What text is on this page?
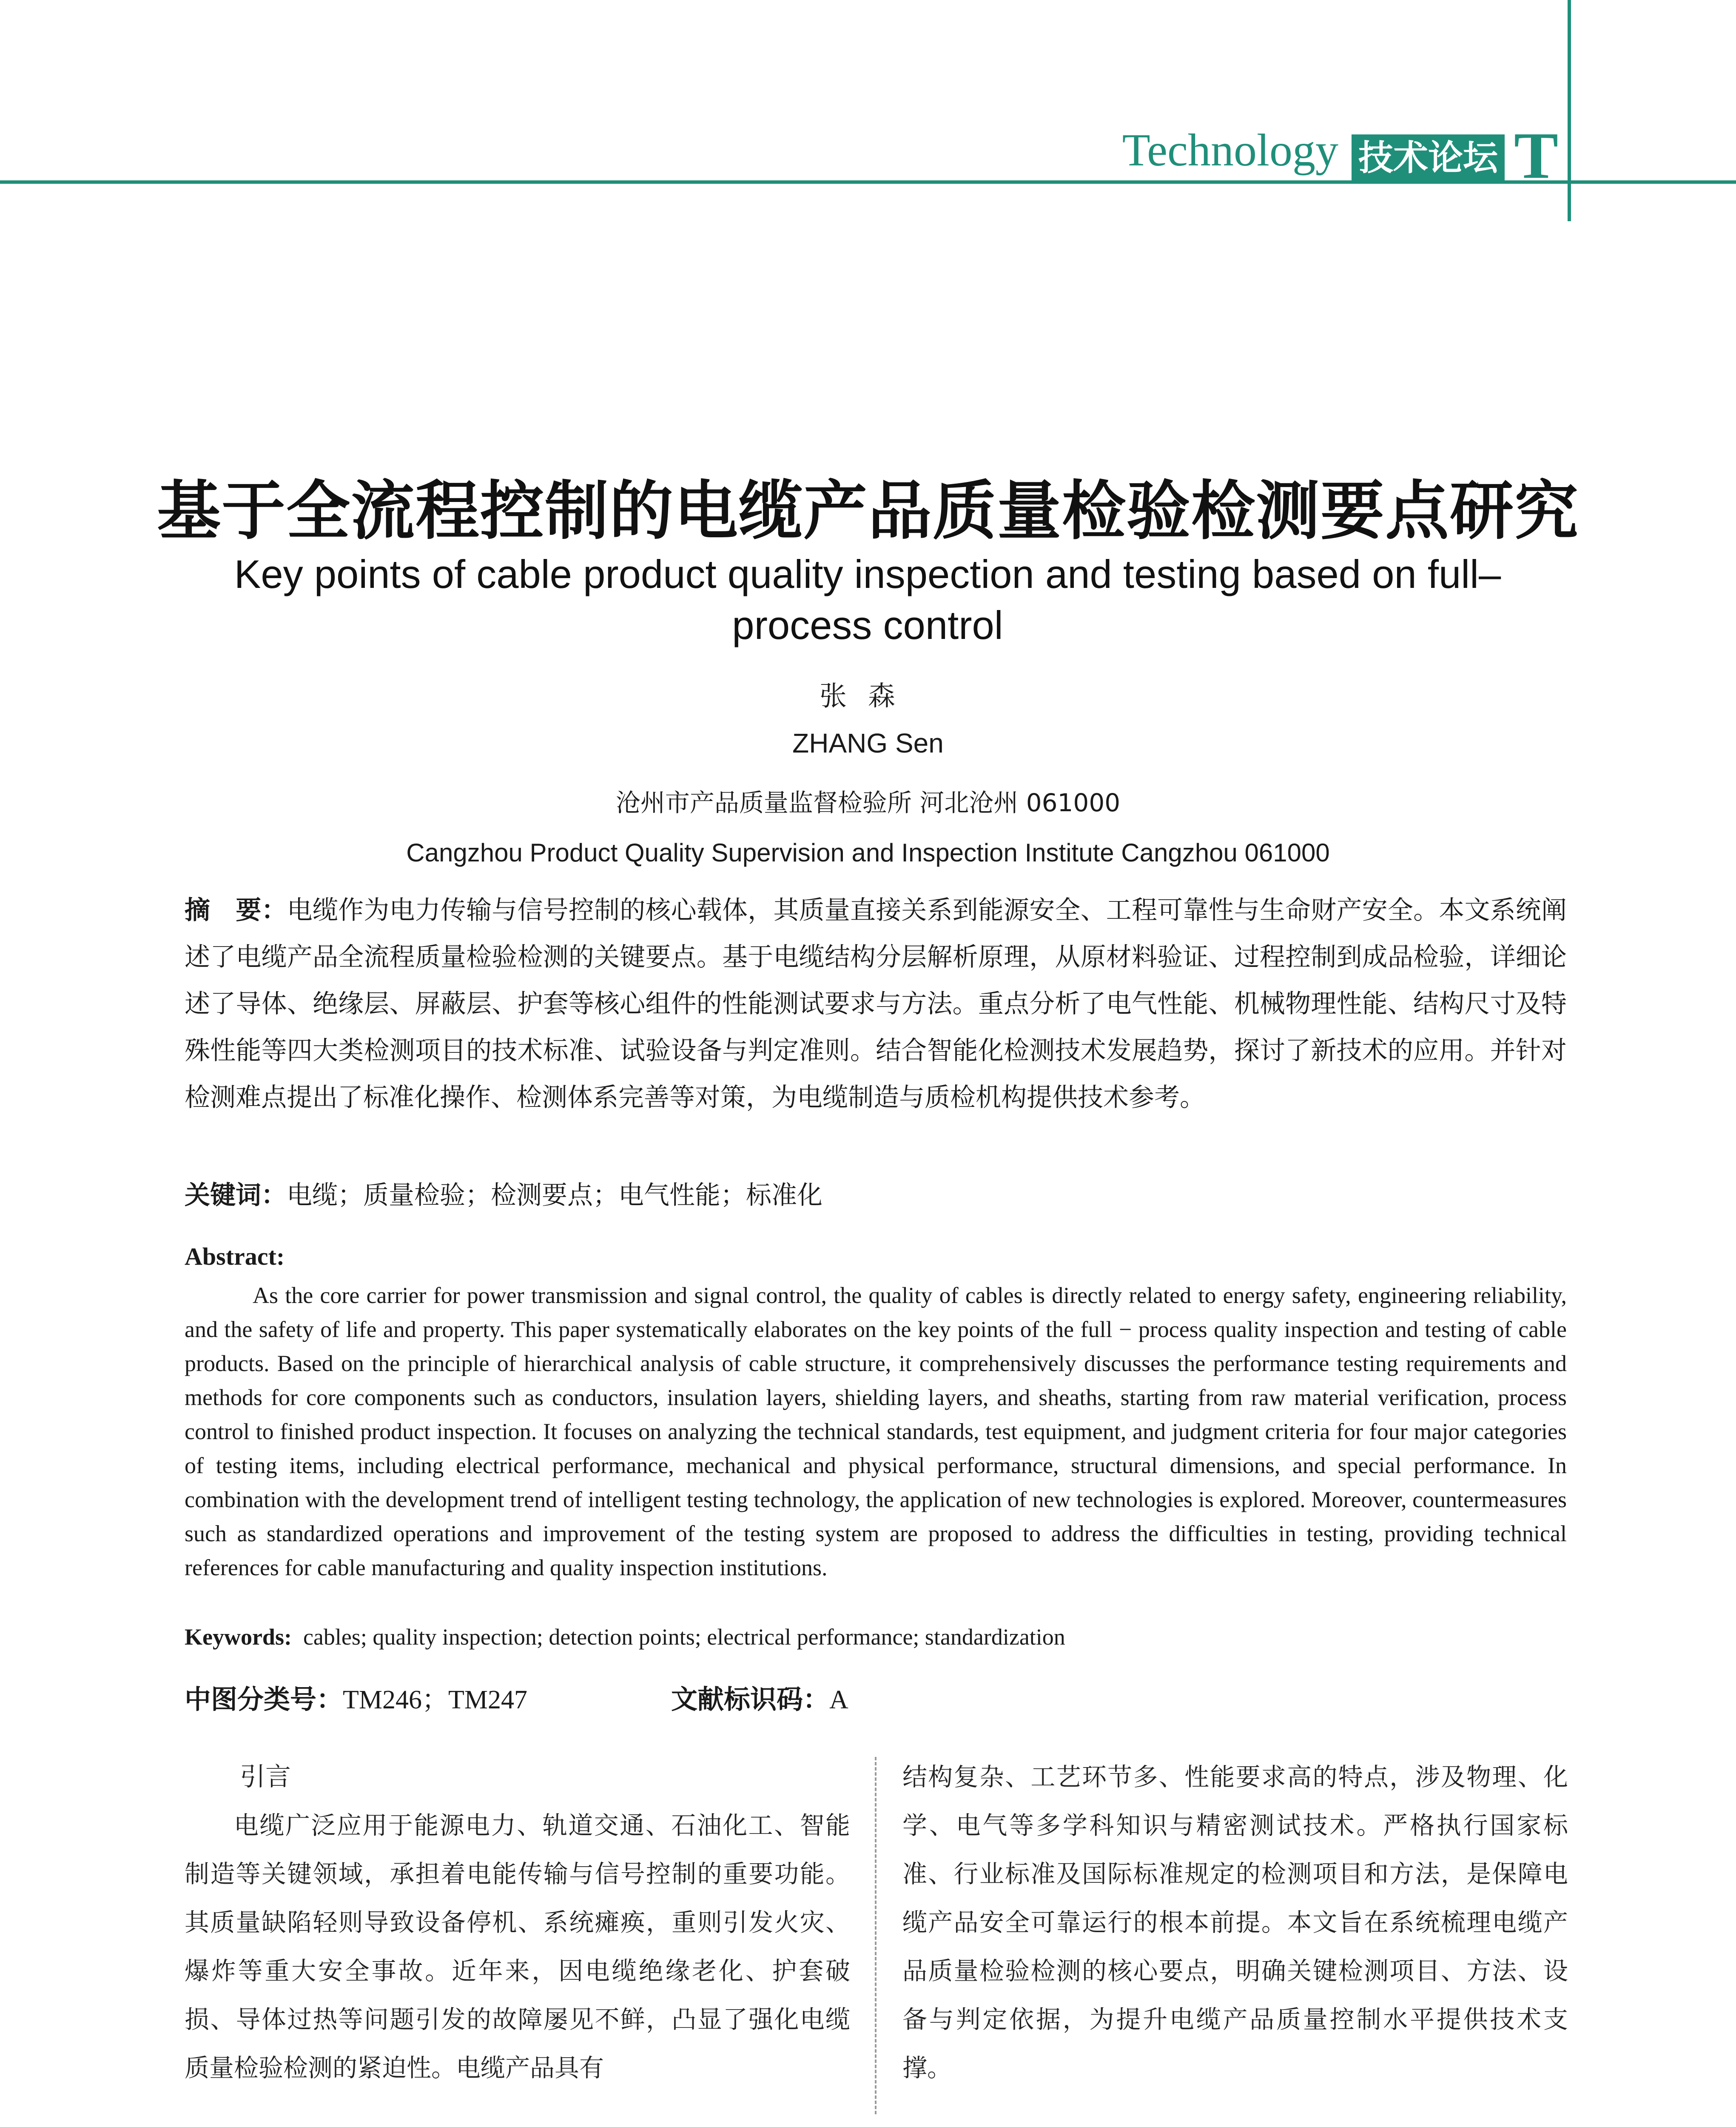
Technology 技术论坛 T
基于全流程控制的电缆产品质量检验检测要点研究
Key points of cable product quality inspection and testing based on full–process control
张森
ZHANG Sen
沧州市产品质量监督检验所 河北沧州 061000
Cangzhou Product Quality Supervision and Inspection Institute Cangzhou 061000
摘　要：电缆作为电力传输与信号控制的核心载体，其质量直接关系到能源安全、工程可靠性与生命财产安全。本文系统阐述了电缆产品全流程质量检验检测的关键要点。基于电缆结构分层解析原理，从原材料验证、过程控制到成品检验，详细论述了导体、绝缘层、屏蔽层、护套等核心组件的性能测试要求与方法。重点分析了电气性能、机械物理性能、结构尺寸及特殊性能等四大类检测项目的技术标准、试验设备与判定准则。结合智能化检测技术发展趋势，探讨了新技术的应用。并针对检测难点提出了标准化操作、检测体系完善等对策，为电缆制造与质检机构提供技术参考。
关键词：电缆；质量检验；检测要点；电气性能；标准化
Abstract:
As the core carrier for power transmission and signal control, the quality of cables is directly related to energy safety, engineering reliability, and the safety of life and property. This paper systematically elaborates on the key points of the full − process quality inspection and testing of cable products. Based on the principle of hierarchical analysis of cable structure, it comprehensively discusses the performance testing requirements and methods for core components such as conductors, insulation layers, shielding layers, and sheaths, starting from raw material verification, process control to finished product inspection. It focuses on analyzing the technical standards, test equipment, and judgment criteria for four major categories of testing items, including electrical performance, mechanical and physical performance, structural dimensions, and special performance. In combination with the development trend of intelligent testing technology, the application of new technologies is explored. Moreover, countermeasures such as standardized operations and improvement of the testing system are proposed to address the difficulties in testing, providing technical references for cable manufacturing and quality inspection institutions.
Keywords: cables; quality inspection; detection points; electrical performance; standardization
中图分类号：TM246；TM247	文献标识码：A
引言
电缆广泛应用于能源电力、轨道交通、石油化工、智能制造等关键领域，承担着电能传输与信号控制的重要功能。其质量缺陷轻则导致设备停机、系统瘫痪，重则引发火灾、爆炸等重大安全事故。近年来，因电缆绝缘老化、护套破损、导体过热等问题引发的故障屡见不鲜，凸显了强化电缆质量检验检测的紧迫性。电缆产品具有
结构复杂、工艺环节多、性能要求高的特点，涉及物理、化学、电气等多学科知识与精密测试技术。严格执行国家标准、行业标准及国际标准规定的检测项目和方法，是保障电缆产品安全可靠运行的根本前提。本文旨在系统梳理电缆产品质量检验检测的核心要点，明确关键检测项目、方法、设备与判定依据，为提升电缆产品质量控制水平提供技术支撑。
